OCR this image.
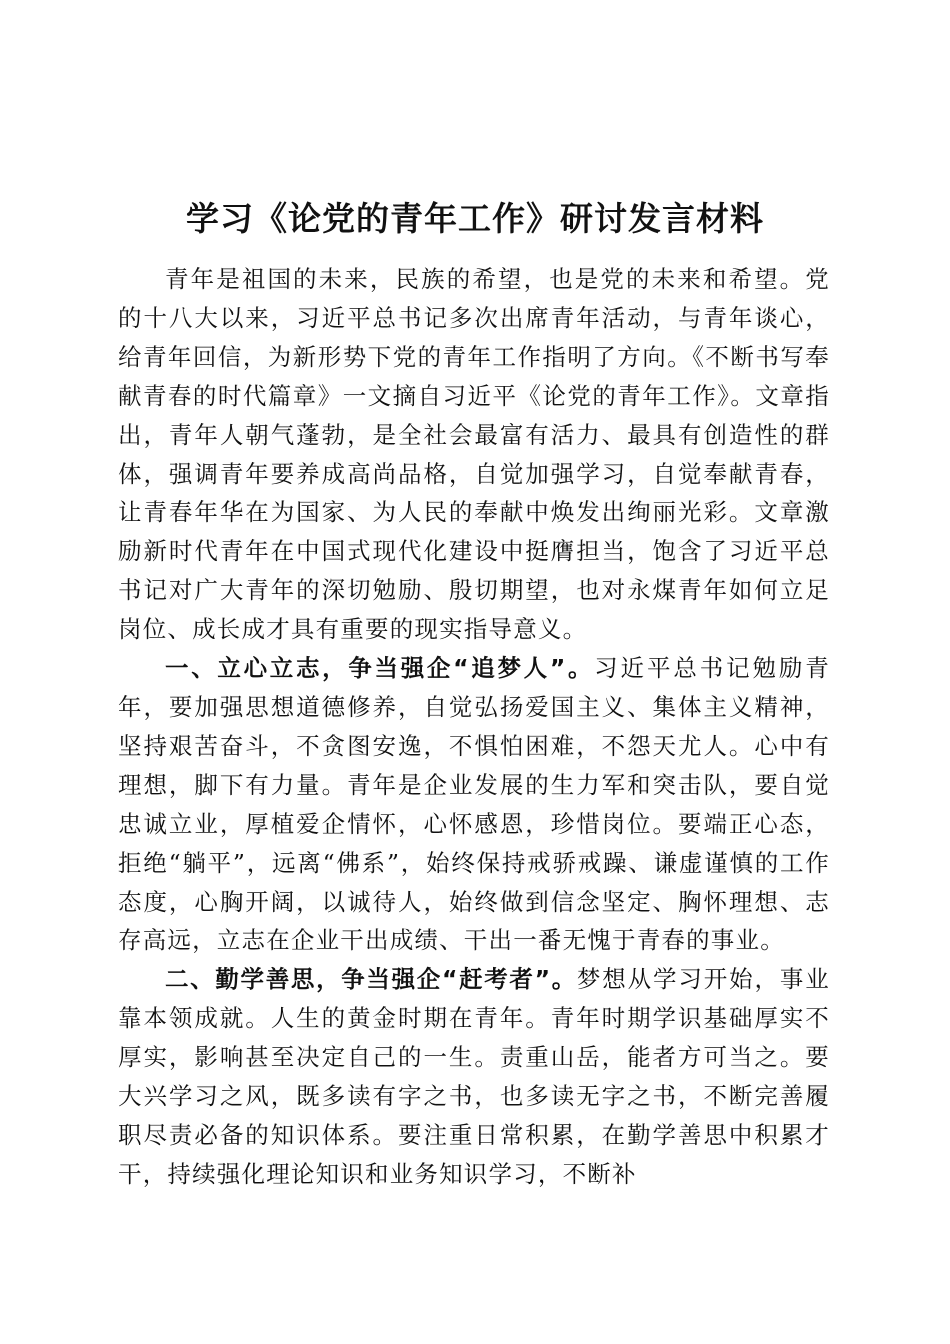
学习《论党的青年工作》研讨发言材料

青年是祖国的未来，民族的希望，也是党的未来和希望。党的十八大以来，习近平总书记多次出席青年活动，与青年谈心，给青年回信，为新形势下党的青年工作指明了方向。《不断书写奉献青春的时代篇章》一文摘自习近平《论党的青年工作》。文章指出，青年人朝气蓬勃，是全社会最富有活力、最具有创造性的群体，强调青年要养成高尚品格，自觉加强学习，自觉奉献青春，让青春年华在为国家、为人民的奉献中焕发出绚丽光彩。文章激励新时代青年在中国式现代化建设中挺膺担当，饱含了习近平总书记对广大青年的深切勉励、殷切期望，也对永煤青年如何立足岗位、成长成才具有重要的现实指导意义。

一、立心立志，争当强企“追梦人”。习近平总书记勉励青年，要加强思想道德修养，自觉弘扬爱国主义、集体主义精神，坚持艰苦奋斗，不贪图安逸，不惧怕困难，不怨天尤人。心中有理想，脚下有力量。青年是企业发展的生力军和突击队，要自觉忠诚立业，厚植爱企情怀，心怀感恩，珍惜岗位。要端正心态，拒绝“躺平”，远离“佛系”，始终保持戒骄戒躁、谦虚谨慎的工作态度，心胸开阔，以诚待人，始终做到信念坚定、胸怀理想、志存高远，立志在企业干出成绩、干出一番无愧于青春的事业。

二、勤学善思，争当强企“赶考者”。梦想从学习开始，事业靠本领成就。人生的黄金时期在青年。青年时期学识基础厚实不厚实，影响甚至决定自己的一生。责重山岳，能者方可当之。要大兴学习之风，既多读有字之书，也多读无字之书，不断完善履职尽责必备的知识体系。要注重日常积累，在勤学善思中积累才干，持续强化理论知识和业务知识学习，不断补
